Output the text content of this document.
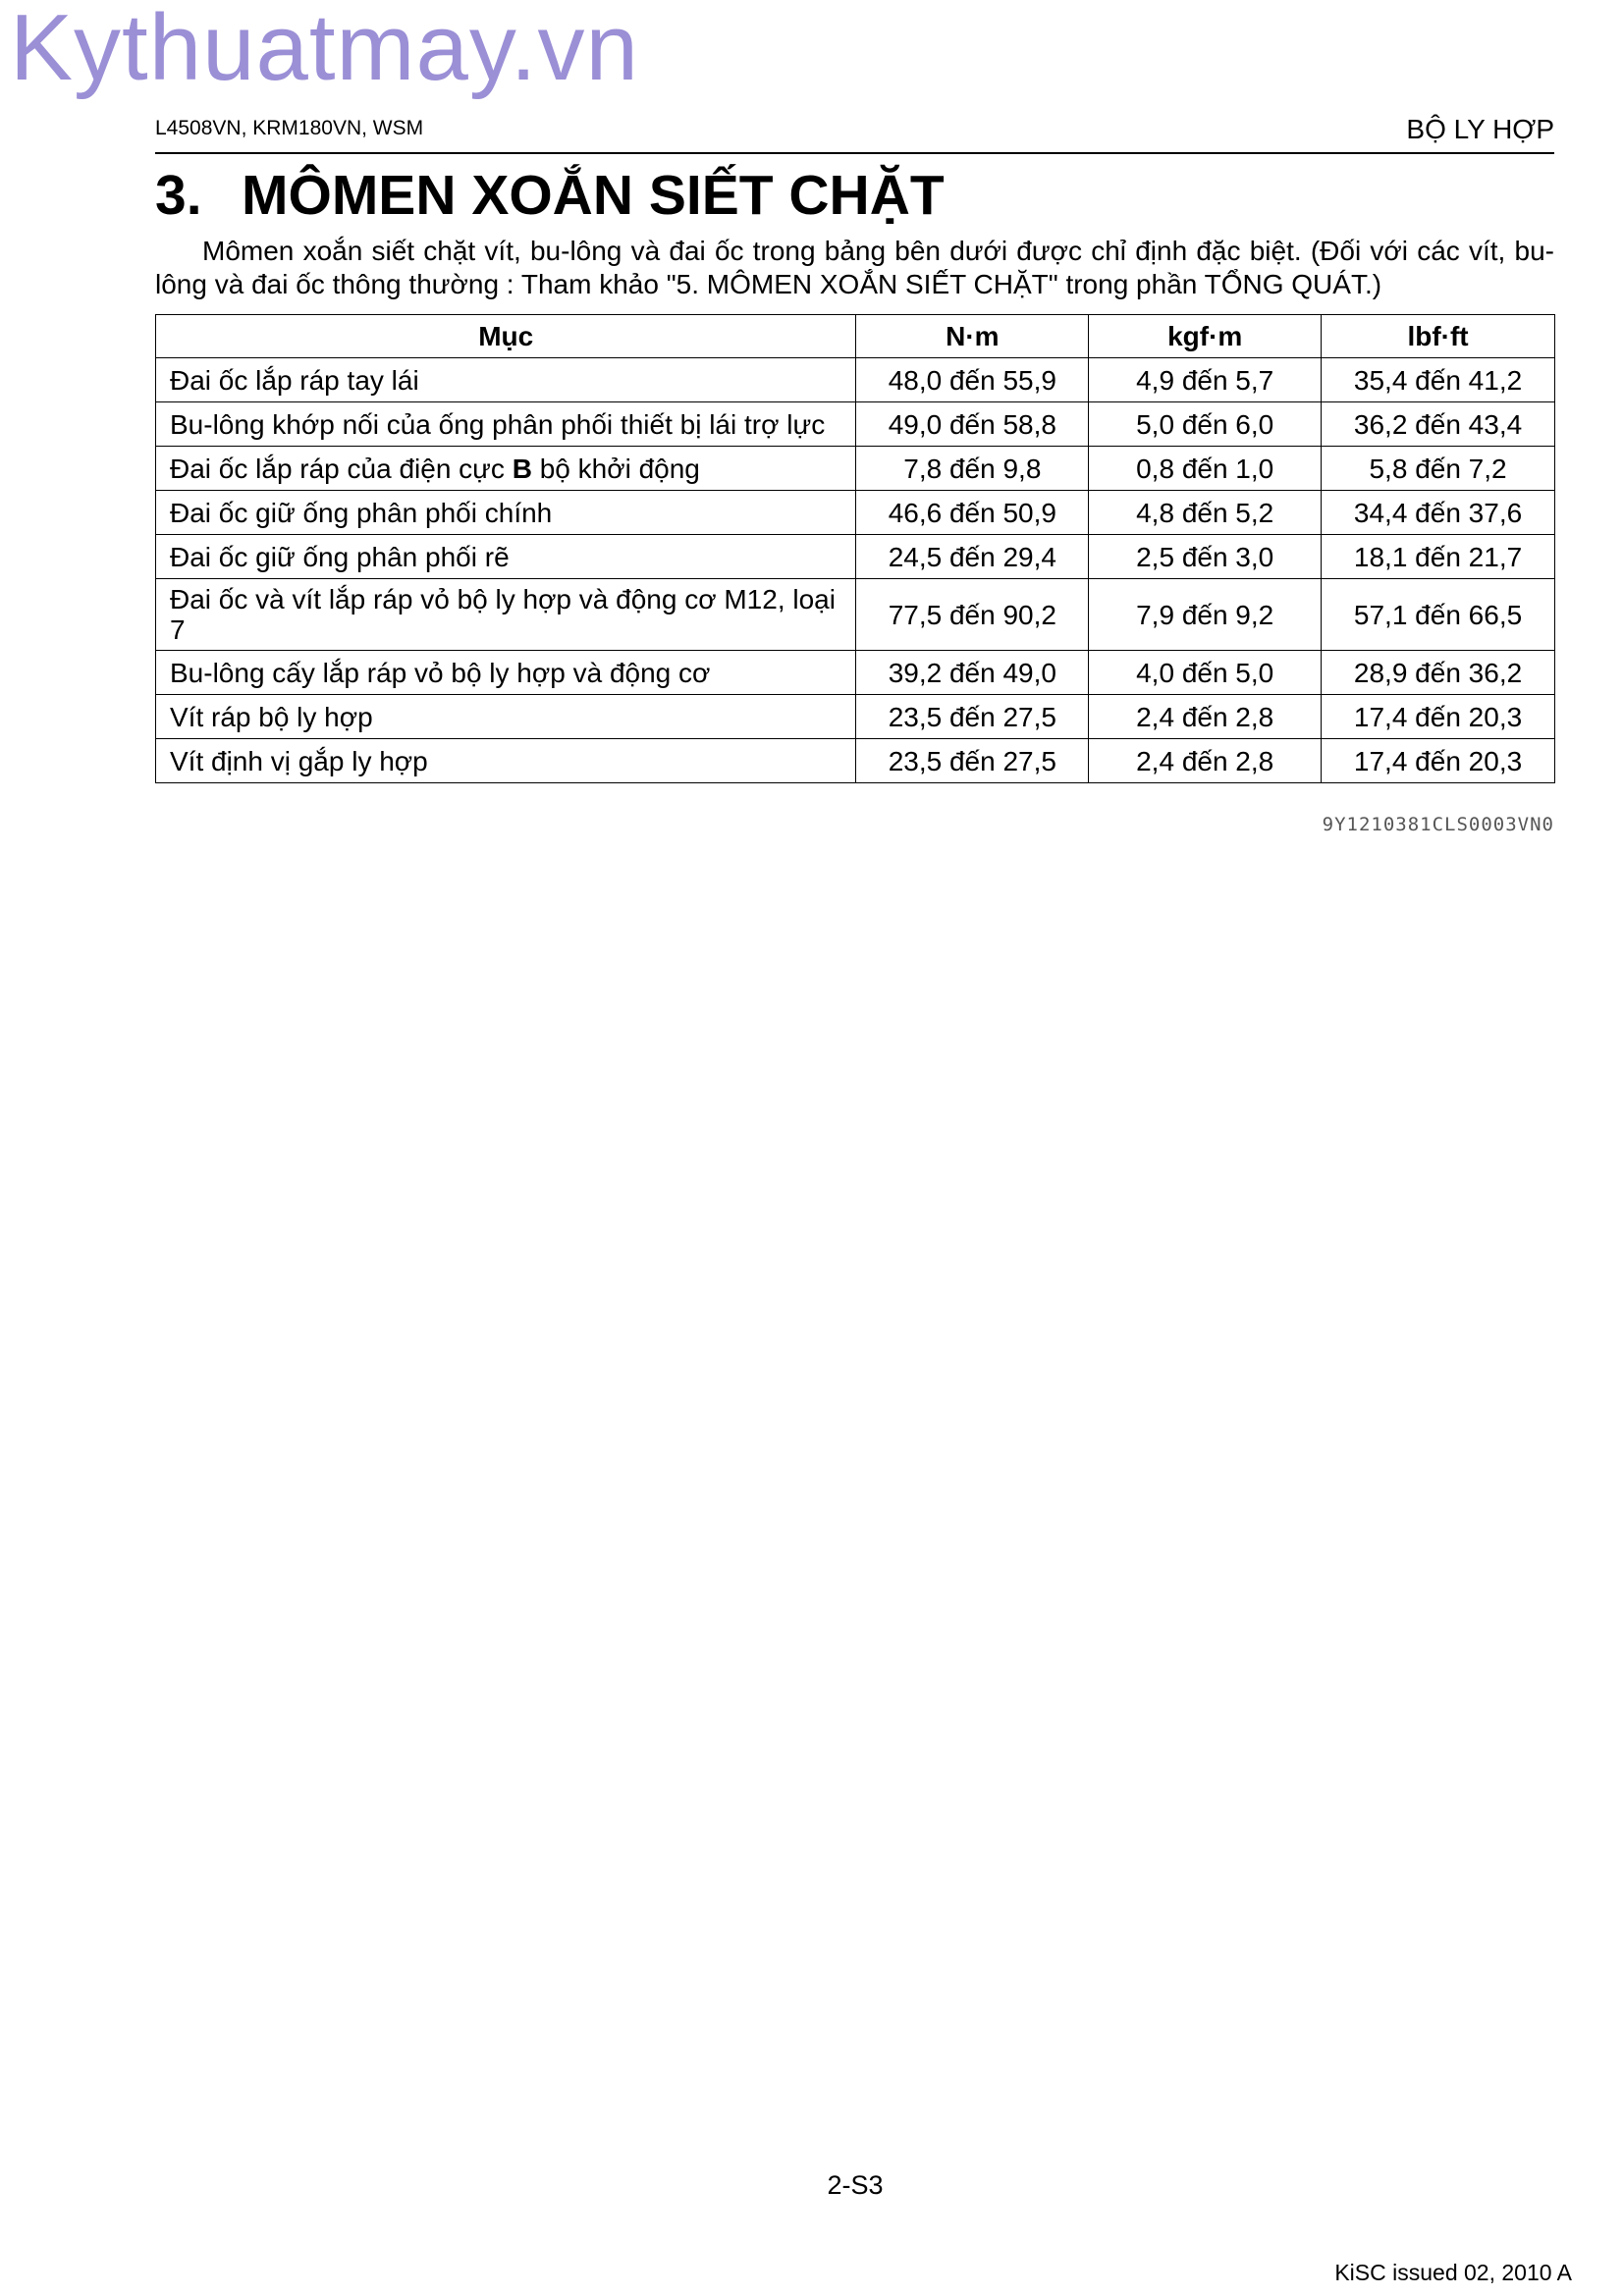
Kythuatmay.vn
L4508VN, KRM180VN, WSM	BỘ LY HỢP
3. MÔMEN XOẮN SIẾT CHẶT
Mômen xoắn siết chặt vít, bu-lông và đai ốc trong bảng bên dưới được chỉ định đặc biệt. (Đối với các vít, bu-lông và đai ốc thông thường : Tham khảo "5. MÔMEN XOẮN SIẾT CHẶT" trong phần TỔNG QUÁT.)
Mục	N·m	kgf·m	lbf·ft
Đai ốc lắp ráp tay lái	48,0 đến 55,9	4,9 đến 5,7	35,4 đến 41,2
Bu-lông khớp nối của ống phân phối thiết bị lái trợ lực	49,0 đến 58,8	5,0 đến 6,0	36,2 đến 43,4
Đai ốc lắp ráp của điện cực B bộ khởi động	7,8 đến 9,8	0,8 đến 1,0	5,8 đến 7,2
Đai ốc giữ ống phân phối chính	46,6 đến 50,9	4,8 đến 5,2	34,4 đến 37,6
Đai ốc giữ ống phân phối rẽ	24,5 đến 29,4	2,5 đến 3,0	18,1 đến 21,7
Đai ốc và vít lắp ráp vỏ bộ ly hợp và động cơ M12, loại 7	77,5 đến 90,2	7,9 đến 9,2	57,1 đến 66,5
Bu-lông cấy lắp ráp vỏ bộ ly hợp và động cơ	39,2 đến 49,0	4,0 đến 5,0	28,9 đến 36,2
Vít ráp bộ ly hợp	23,5 đến 27,5	2,4 đến 2,8	17,4 đến 20,3
Vít định vị gắp ly hợp	23,5 đến 27,5	2,4 đến 2,8	17,4 đến 20,3
9Y1210381CLS0003VN0
2-S3
KiSC issued 02, 2010 A
